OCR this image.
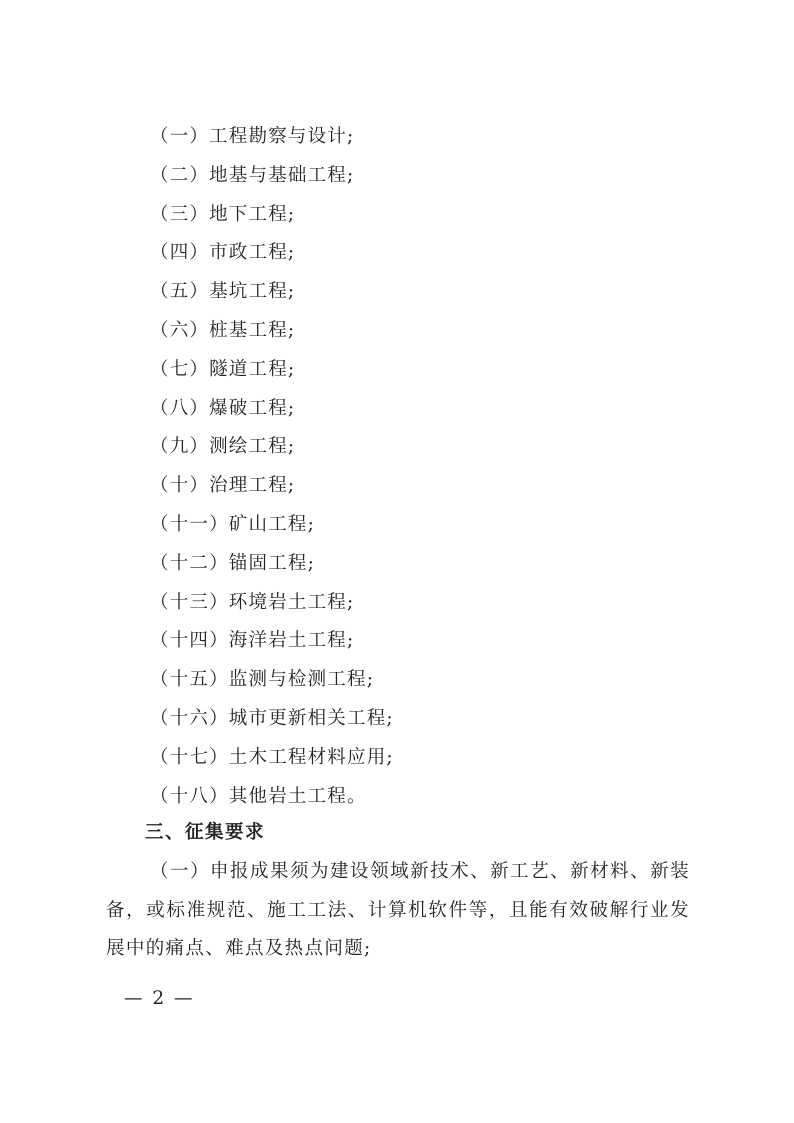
（一）工程勘察与设计;
（二）地基与基础工程;
（三）地下工程;
（四）市政工程;
（五）基坑工程;
（六）桩基工程;
（七）隧道工程;
（八）爆破工程;
（九）测绘工程;
（十）治理工程;
（十一）矿山工程;
（十二）锚固工程;
（十三）环境岩土工程;
（十四）海洋岩土工程;
（十五）监测与检测工程;
（十六）城市更新相关工程;
（十七）土木工程材料应用;
（十八）其他岩土工程。
三、征集要求

（一）申报成果须为建设领域新技术、新工艺、新材料、新装备，或标准规范、施工工法、计算机软件等，且能有效破解行业发展中的痛点、难点及热点问题;

— 2 —
